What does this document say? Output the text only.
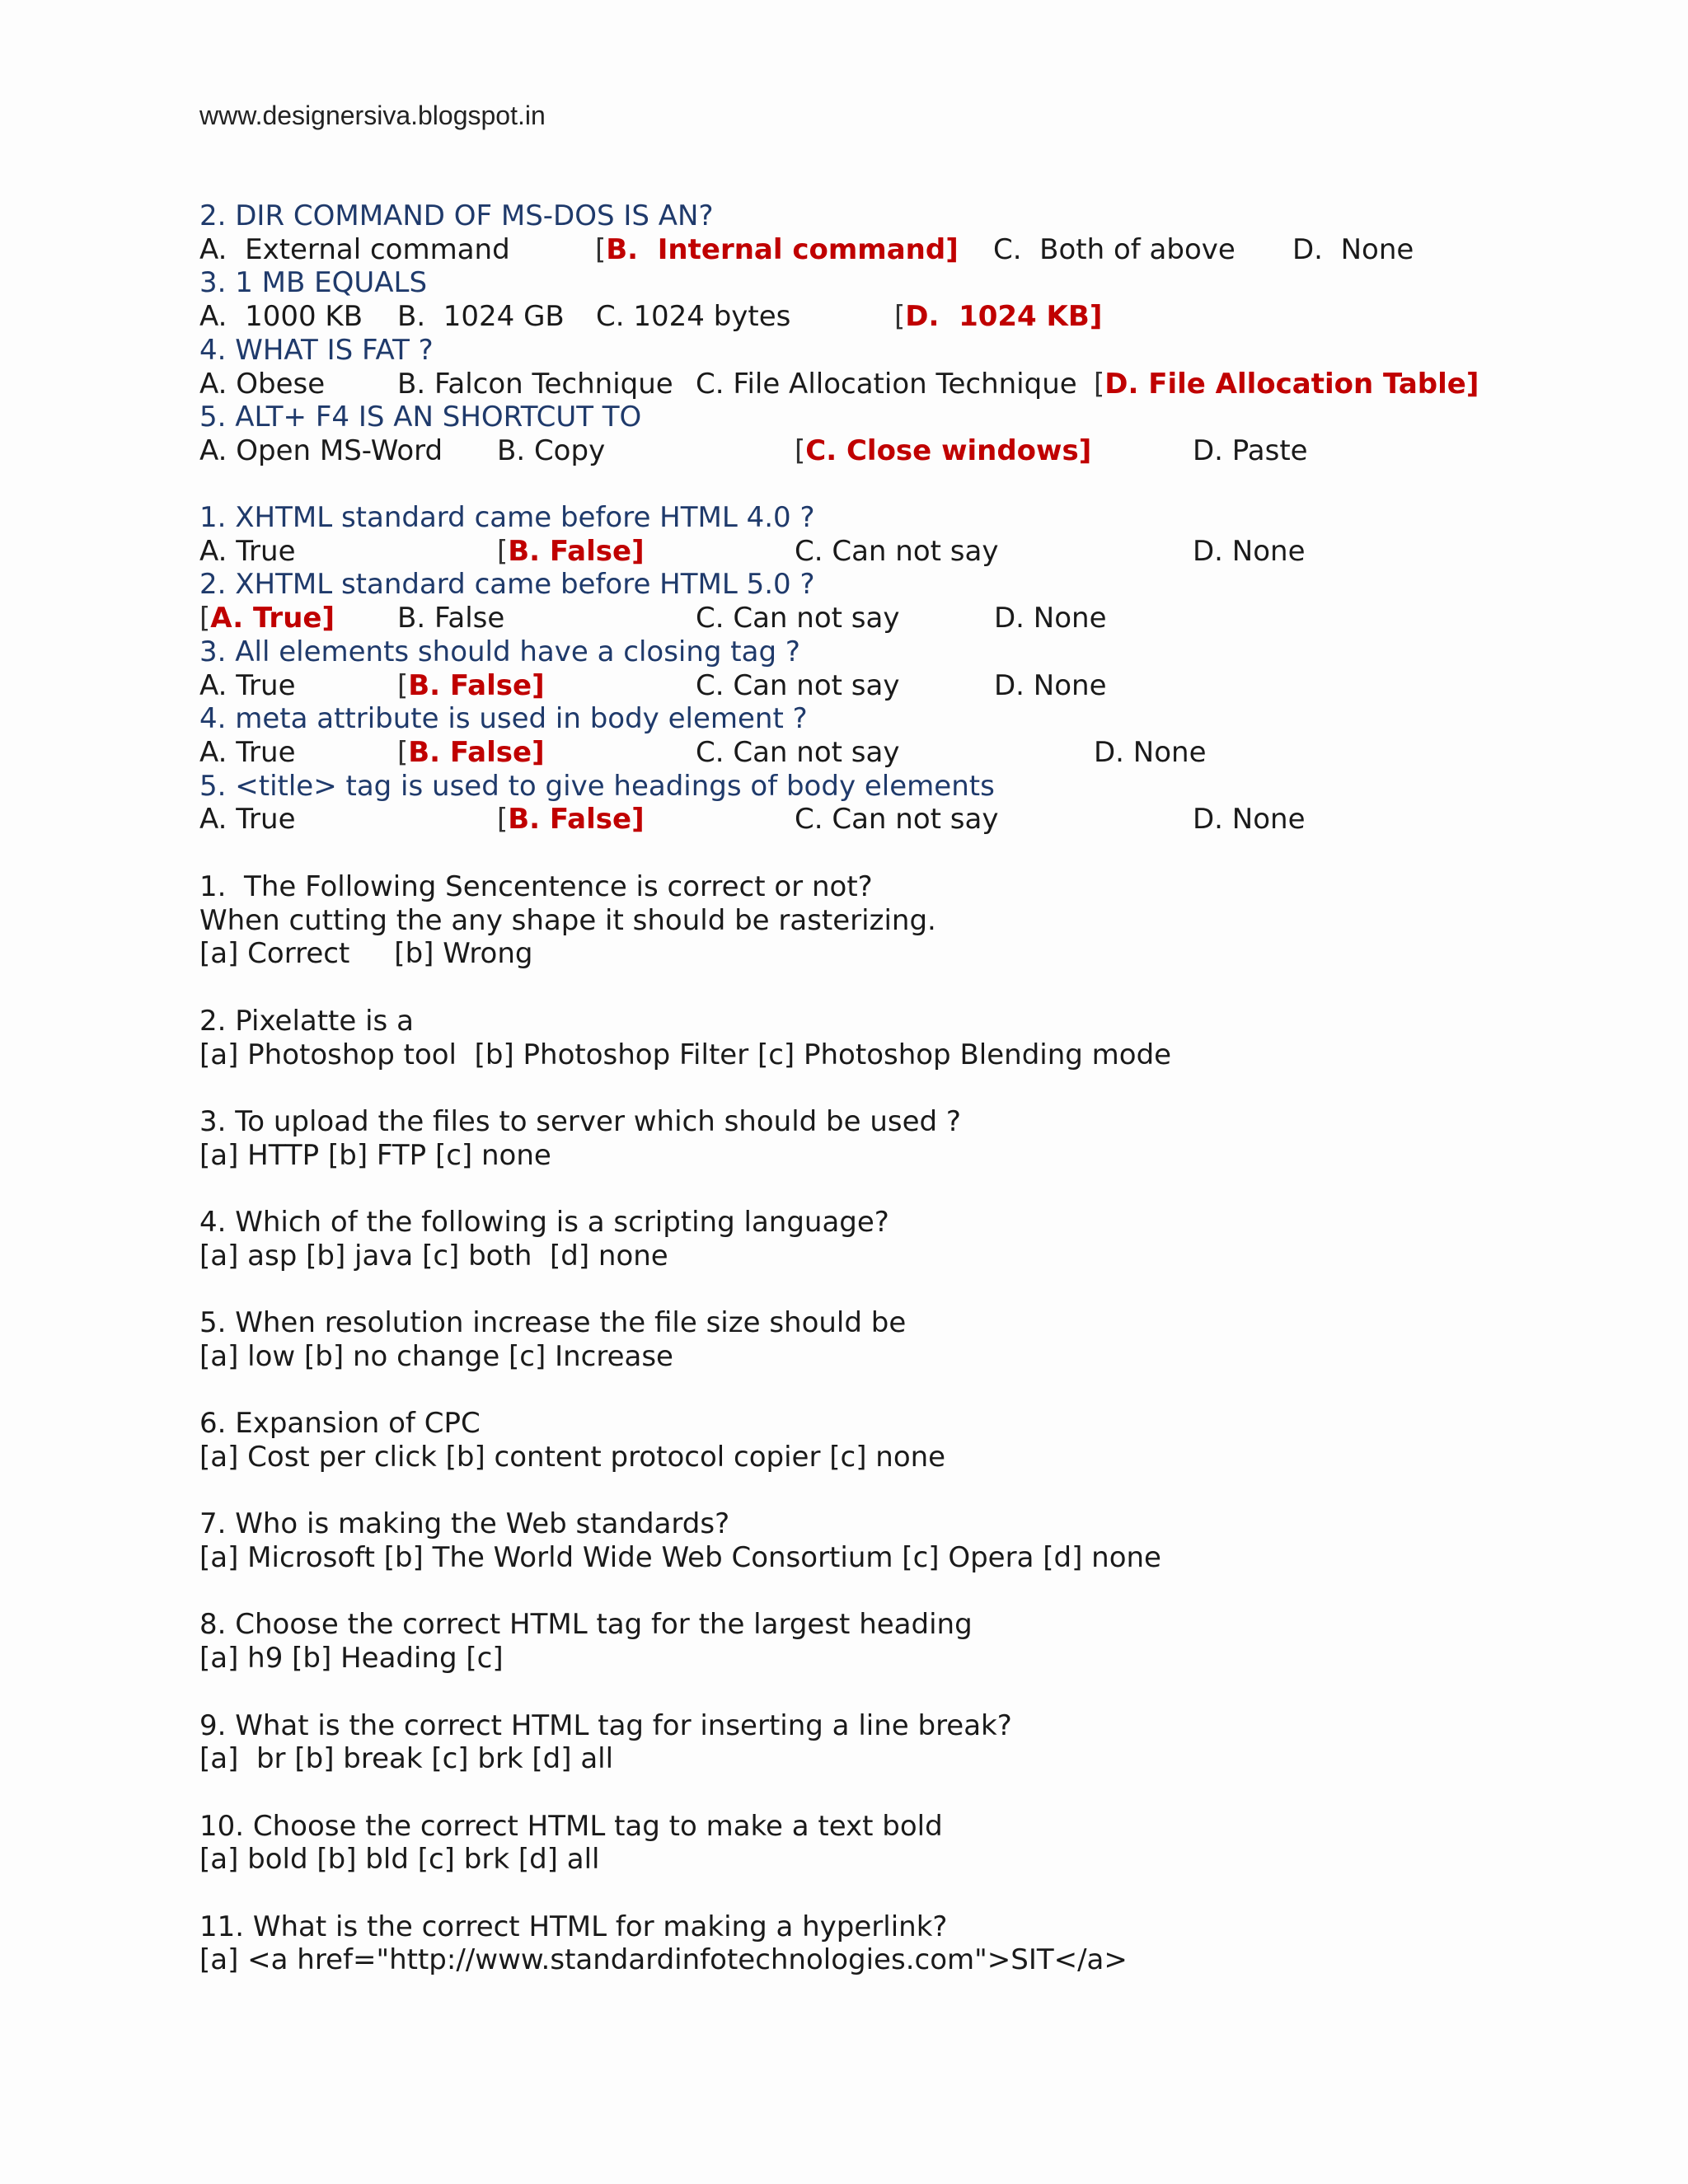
www.designersiva.blogspot.in
2. DIR COMMAND OF MS-DOS IS AN?
A.  External command	[B.  Internal command] C.  Both of above D.  None
3. 1 MB EQUALS
A.  1000 KB B.  1024 GB C. 1024 bytes	[D.  1024 KB]
4. WHAT IS FAT ?
A. Obese	B. Falcon Technique C. File Allocation Technique [D. File Allocation Table]
5. ALT+ F4 IS AN SHORTCUT TO
A. Open MS-Word B. Copy	[C. Close windows]	D. Paste
1. XHTML standard came before HTML 4.0 ?
A. True	[B. False]	C. Can not say	D. None
2. XHTML standard came before HTML 5.0 ?
[A. True] B. False	C. Can not say	D. None
3. All elements should have a closing tag ?
A. True	[B. False]	C. Can not say	D. None
4. meta attribute is used in body element ?
A. True	[B. False]	C. Can not say	D. None
5. <title> tag is used to give headings of body elements
A. True	[B. False]	C. Can not say	D. None
1.  The Following Sencentence is correct or not?
When cutting the any shape it should be rasterizing.
[a] Correct     [b] Wrong
2. Pixelatte is a
[a] Photoshop tool  [b] Photoshop Filter [c] Photoshop Blending mode
3. To upload the files to server which should be used ?
[a] HTTP [b] FTP [c] none
4. Which of the following is a scripting language?
[a] asp [b] java [c] both  [d] none
5. When resolution increase the file size should be
[a] low [b] no change [c] Increase
6. Expansion of CPC
[a] Cost per click [b] content protocol copier [c] none
7. Who is making the Web standards?
[a] Microsoft [b] The World Wide Web Consortium [c] Opera [d] none
8. Choose the correct HTML tag for the largest heading
[a] h9 [b] Heading [c]
9. What is the correct HTML tag for inserting a line break?
[a]  br [b] break [c] brk [d] all
10. Choose the correct HTML tag to make a text bold
[a] bold [b] bld [c] brk [d] all
11. What is the correct HTML for making a hyperlink?
[a] <a href="http://www.standardinfotechnologies.com">SIT</a>
